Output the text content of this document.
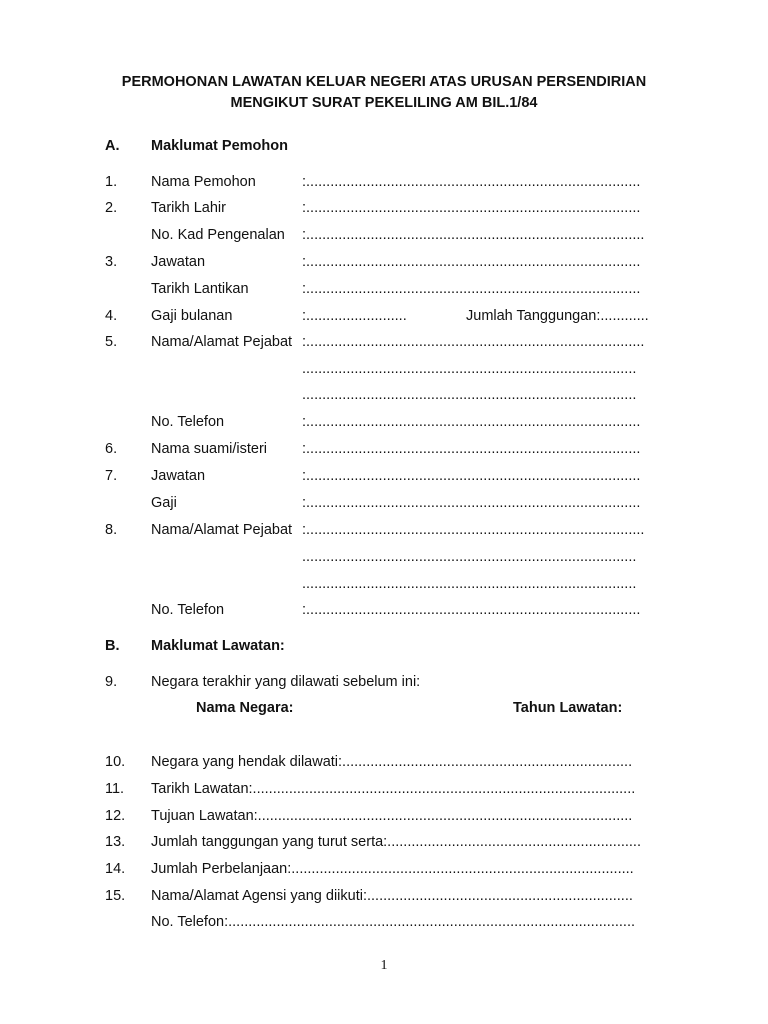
PERMOHONAN LAWATAN KELUAR NEGERI ATAS URUSAN PERSENDIRIAN
MENGIKUT SURAT PEKELILING AM BIL.1/84
A. Maklumat Pemohon
1. Nama Pemohon	:...................................................................................
2. Tarikh Lahir	:...................................................................................
No. Kad Pengenalan :....................................................................................
3. Jawatan	:...................................................................................
Tarikh Lantikan	:...................................................................................
4. Gaji bulanan	:.........................	Jumlah Tanggungan:............
5. Nama/Alamat Pejabat :....................................................................................
...................................................................................
...................................................................................
No. Telefon	:...................................................................................
6. Nama suami/isteri :...................................................................................
7. Jawatan	:...................................................................................
Gaji	:...................................................................................
8. Nama/Alamat Pejabat :....................................................................................
...................................................................................
...................................................................................
No. Telefon	:...................................................................................
B. Maklumat Lawatan:
9. Negara terakhir yang dilawati sebelum ini:
Nama Negara:	Tahun Lawatan:
10. Negara yang hendak dilawati:........................................................................
11. Tarikh Lawatan:...............................................................................................
12. Tujuan Lawatan:.............................................................................................
13. Jumlah tanggungan yang turut serta:...............................................................
14. Jumlah Perbelanjaan:.....................................................................................
15. Nama/Alamat Agensi yang diikuti:..................................................................
No. Telefon:.....................................................................................................
1
